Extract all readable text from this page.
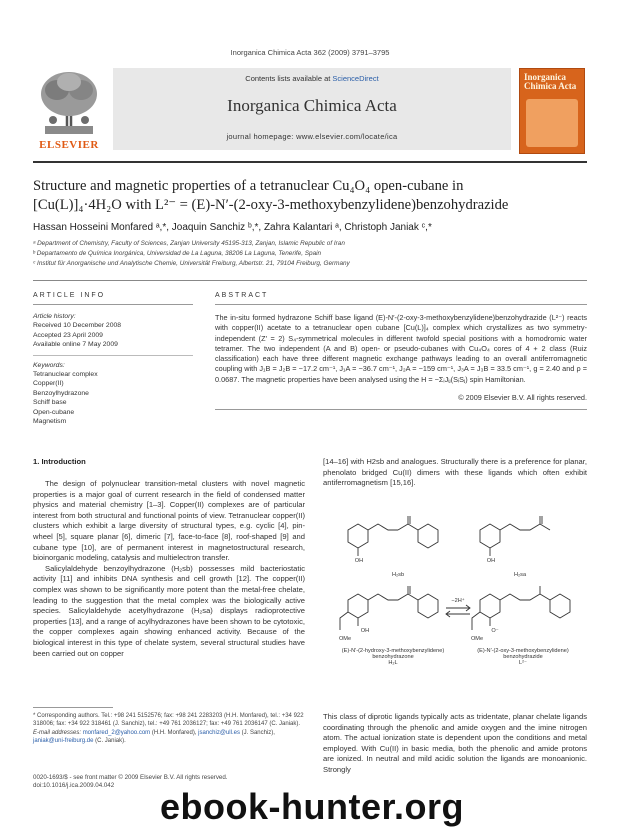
Inorganica Chimica Acta 362 (2009) 3791–3795
ELSEVIER
Contents lists available at ScienceDirect
Inorganica Chimica Acta
journal homepage: www.elsevier.com/locate/ica
Inorganica Chimica Acta
Structure and magnetic properties of a tetranuclear Cu₄O₄ open-cubane in
[Cu(L)]₄·4H₂O with L²⁻ = (E)-N′-(2-oxy-3-methoxybenzylidene)benzohydrazide
Hassan Hosseini Monfared ᵃ,*, Joaquin Sanchiz ᵇ,*, Zahra Kalantari ᵃ, Christoph Janiak ᶜ,*
ᵃ Department of Chemistry, Faculty of Sciences, Zanjan University 45195-313, Zanjan, Islamic Republic of Iran
ᵇ Departamento de Química Inorgánica, Universidad de La Laguna, 38206 La Laguna, Tenerife, Spain
ᶜ Institut für Anorganische und Analytische Chemie, Universität Freiburg, Albertstr. 21, 79104 Freiburg, Germany
ARTICLE INFO	ABSTRACT
Article history:
Received 10 December 2008
Accepted 23 April 2009
Available online 7 May 2009
Keywords:
Tetranuclear complex
Copper(II)
Benzoylhydrazone
Schiff base
Open-cubane
Magnetism
The in-situ formed hydrazone Schiff base ligand (E)-N′-(2-oxy-3-methoxybenzylidene)benzohydrazide (L²⁻) reacts with copper(II) acetate to a tetranuclear open cubane [Cu(L)]₄ complex which crystallizes as two symmetry-independent (Z′ = 2) S₄-symmetrical molecules in different twofold special positions with a homodromic water tetramer. The two independent (A and B) open- or pseudo-cubanes with Cu₄O₄ cores of 4 + 2 class (Ruiz classification) each have three different magnetic exchange pathways leading to an overall antiferromagnetic coupling with J₁B = J₂B = −17.2 cm⁻¹, J₁A = −36.7 cm⁻¹, J₂A = −159 cm⁻¹, J₃A = J₃B = 33.5 cm⁻¹, g = 2.40 and ρ = 0.0687. The magnetic properties have been analysed using the H = −ΣᵢJᵢⱼ(SᵢSⱼ) spin Hamiltonian.
© 2009 Elsevier B.V. All rights reserved.
1. Introduction

The design of polynuclear transition-metal clusters with novel magnetic properties is a major goal of current research in the field of condensed matter physics and material chemistry [1–3]. Copper(II) complexes are of particular interest from both structural and functional points of view. Tetranuclear copper(II) clusters which exhibit a large diversity of structural types, e.g. cyclic [4], pin-wheel [5], square planar [6], dimeric [7], face-to-face [8], roof-shaped [9] and cubane type [10], are of permanent interest in magnetostructural research, bioinorganic modeling, catalysis and multielectron transfer.

Salicylaldehyde benzoylhydrazone (H₂sb) possesses mild bacteriostatic activity [11] and inhibits DNA synthesis and cell growth [12]. The copper(II) complex was shown to be significantly more potent than the metal-free chelate, leading to the suggestion that the metal complex was the biologically active species. Salicylaldehyde acetylhydrazone (H₂sa) displays radioprotective properties [13], and a range of acylhydrazones have been shown to be cytotoxic, the copper complexes again showing enhanced activity. Because of the biological interest in this type of chelate system, several structural studies have been carried out on copper

[14–16] with H2sb and analogues. Structurally there is a preference for planar, phenolato bridged Cu(II) dimers with these ligands which often exhibit antiferromagnetism [15,16].
OH
H₂sb
OH
H₂sa
OH
OMe
−2H⁺
O⁻
OMe
(E)-N′-(2-hydroxy-3-methoxybenzylidene)
benzohydrazone
H₂L
(E)-N′-(2-oxy-3-methoxybenzylidene)
benzohydrazide
L²⁻
This class of diprotic ligands typically acts as tridentate, planar chelate ligands coordinating through the phenolic and amide oxygen and the imine nitrogen atom. The actual ionization state is dependent upon the conditions and metal employed. With Cu(II) in basic media, both the phenolic and amide protons are ionized. In neutral and mild acidic solution the ligands are monoanionic. Strongly
* Corresponding authors. Tel.: +98 241 5152576; fax: +98 241 2283203 (H.H. Monfared), tel.: +34 922 318006; fax: +34 922 318461 (J. Sanchiz), tel.: +49 761 2036127; fax: +49 761 2036147 (C. Janiak).
E-mail addresses: monfared_2@yahoo.com (H.H. Monfared), jsanchiz@ull.es (J. Sanchiz), janiak@uni-freiburg.de (C. Janiak).
0020-1693/$ - see front matter © 2009 Elsevier B.V. All rights reserved.
doi:10.1016/j.ica.2009.04.042
ebook-hunter.org
